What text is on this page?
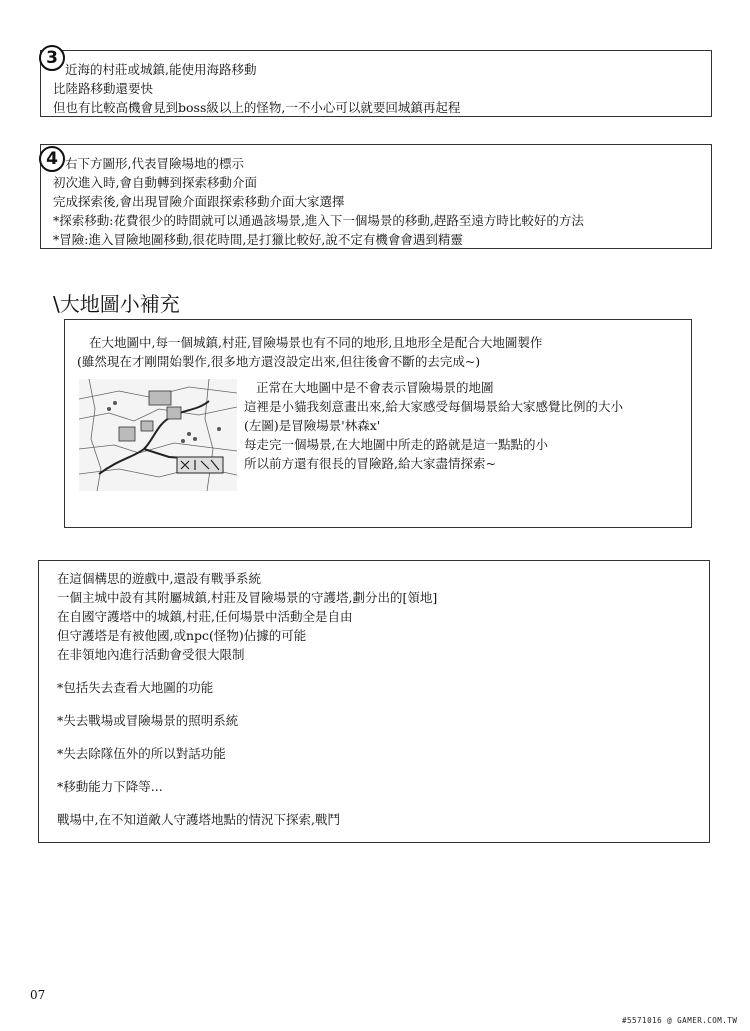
3

近海的村莊或城鎮,能使用海路移動

比陸路移動還要快

但也有比較高機會見到boss級以上的怪物,一不小心可以就要回城鎮再起程

4 右下方圖形,代表冒險場地的標示

初次進入時,會自動轉到探索移動介面

完成探索後,會出現冒險介面跟探索移動介面大家選擇

*探索移動:花費很少的時間就可以通過該場景,進入下一個場景的移動,趕路至遠方時比較好的方法

*冒險:進入冒險地圖移動,很花時間,是打獵比較好,說不定有機會會遇到精靈

\大地圖小補充

在大地圖中,每一個城鎮,村莊,冒險場景也有不同的地形,且地形全是配合大地圖製作

(雖然現在才剛開始製作,很多地方還沒設定出來,但往後會不斷的去完成~)

正常在大地圖中是不會表示冒險場景的地圖

這裡是小貓我刻意畫出來,給大家感受每個場景給大家感覺比例的大小

(左圖)是冒險場景'林森x'

每走完一個場景,在大地圖中所走的路就是這一點點的小

所以前方還有很長的冒險路,給大家盡情探索~

在這個構思的遊戲中,還設有戰爭系統

一個主城中設有其附屬城鎮,村莊及冒險場景的守護塔,劃分出的[領地]

在自國守護塔中的城鎮,村莊,任何場景中活動全是自由

但守護塔是有被他國,或npc(怪物)佔據的可能

在非領地內進行活動會受很大限制

*包括失去查看大地圖的功能

*失去戰場或冒險場景的照明系統

*失去除隊伍外的所以對話功能

*移動能力下降等...

戰場中,在不知道敵人守護塔地點的情況下探索,戰鬥

07
#5571016 @ GAMER.COM.TW
